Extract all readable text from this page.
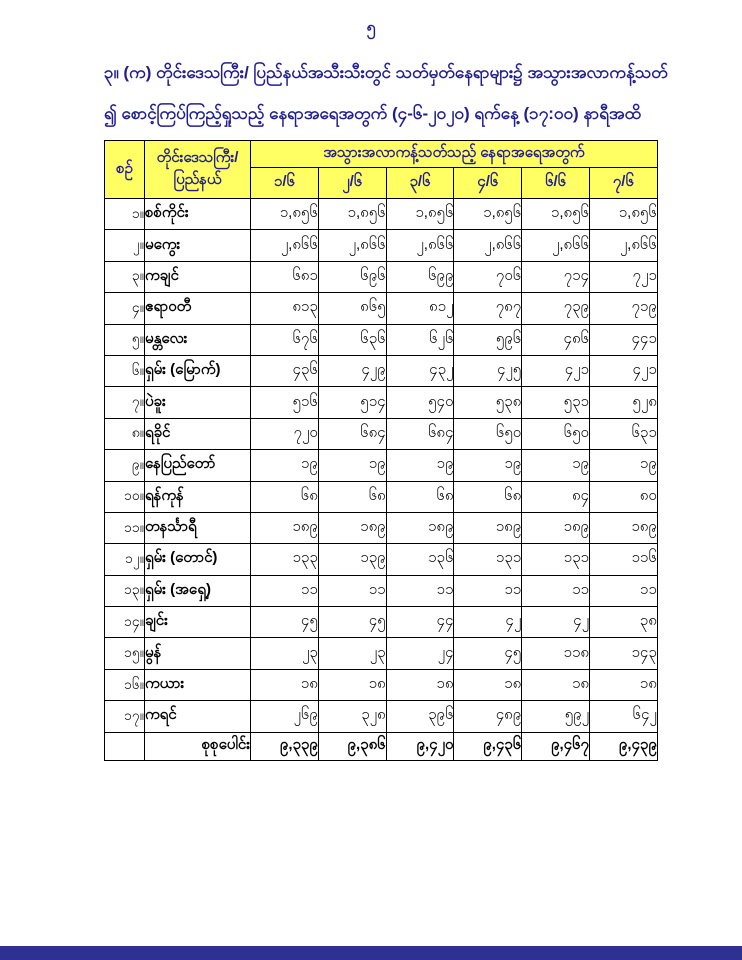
၅
၃။ (က) တိုင်းဒေသကြီး/ ပြည်နယ်အသီးသီးတွင် သတ်မှတ်နေရာများ၌ အသွားအလာကန့်သတ်
၍ စောင့်ကြပ်ကြည့်ရှုသည့် နေရာအရေအတွက် (၄-၆-၂၀၂၀) ရက်နေ့ (၁၇:၀၀) နာရီအထိ
စဉ်	တိုင်းဒေသကြီး/
ပြည်နယ်	အသွားအလာကန့်သတ်သည့် နေရာအရေအတွက်					
		၁/၆	၂/၆	၃/၆	၄/၆	၆/၆	၇/၆
၁။	စစ်ကိုင်း	၁,၈၅၆	၁,၈၅၆	၁,၈၅၆	၁,၈၅၆	၁,၈၅၆	၁,၈၅၆
၂။	မကွေး	၂,၈၆၆	၂,၈၆၆	၂,၈၆၆	၂,၈၆၆	၂,၈၆၆	၂,၈၆၆
၃။	ကချင်	၆၈၁	၆၉၆	၆၉၉	၇၀၆	၇၁၄	၇၂၁
၄။	ဧရာဝတီ	၈၁၃	၈၆၅	၈၁၂	၇၈၇	၇၃၉	၇၁၉
၅။	မန္တလေး	၆၇၆	၆၃၆	၆၂၆	၅၉၆	၄၈၆	၄၄၁
၆။	ရှမ်း (မြောက်)	၄၃၆	၄၂၉	၄၃၂	၄၂၅	၄၂၁	၄၂၁
၇။	ပဲခူး	၅၁၆	၅၁၄	၅၄၀	၅၃၈	၅၃၁	၅၂၈
၈။	ရခိုင်	၇၂၀	၆၈၄	၆၈၄	၆၅၀	၆၅၀	၆၃၁
၉။	နေပြည်တော်	၁၉	၁၉	၁၉	၁၉	၁၉	၁၉
၁၀။	ရန်ကုန်	၆၈	၆၈	၆၈	၆၈	၈၄	၈၀
၁၁။	တနင်္သာရီ	၁၈၉	၁၈၉	၁၈၉	၁၈၉	၁၈၉	၁၈၉
၁၂။	ရှမ်း (တောင်)	၁၃၃	၁၃၉	၁၃၆	၁၃၁	၁၃၁	၁၁၆
၁၃။	ရှမ်း (အရှေ့)	၁၁	၁၁	၁၁	၁၁	၁၁	၁၁
၁၄။	ချင်း	၄၅	၄၅	၄၄	၄၂	၄၂	၃၈
၁၅။	မွန်	၂၃	၂၃	၂၄	၄၅	၁၁၈	၁၄၃
၁၆။	ကယား	၁၈	၁၈	၁၈	၁၈	၁၈	၁၈
၁၇။	ကရင်	၂၆၉	၃၂၈	၃၉၆	၄၈၉	၅၉၂	၆၄၂
	စုစုပေါင်း	၉,၃၃၉	၉,၃၈၆	၉,၄၂၀	၉,၄၃၆	၉,၄၆၇	၉,၄၃၉
